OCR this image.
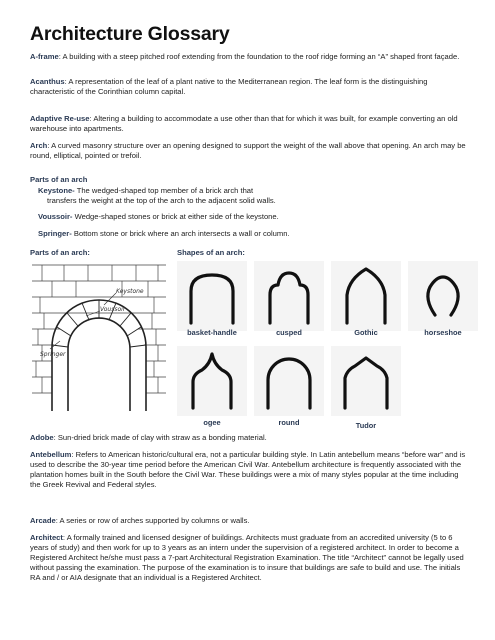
Architecture Glossary
A-frame: A building with a steep pitched roof extending from the foundation to the roof ridge forming an “A” shaped front façade.
Acanthus: A representation of the leaf of a plant native to the Mediterranean region. The leaf form is the distinguishing characteristic of the Corinthian column capital.
Adaptive Re-use: Altering a building to accommodate a use other than that for which it was built, for example converting an old warehouse into apartments.
Arch: A curved masonry structure over an opening designed to support the weight of the wall above that opening. An arch may be round, elliptical, pointed or trefoil.
Parts of an arch
Keystone- The wedged-shaped top member of a brick arch that
transfers the weight at the top of the arch to the adjacent solid walls.
Voussoir- Wedge-shaped stones or brick at either side of the keystone.
Springer- Bottom stone or brick where an arch intersects a wall or column.
Parts of an arch:	Shapes of an arch:
Keystone
Voussoir
Springer
basket-handle	cusped	Gothic	horseshoe
ogee	round	Tudor
Adobe: Sun-dried brick made of clay with straw as a bonding material.
Antebellum: Refers to American historic/cultural era, not a particular building style. In Latin antebellum means “before war” and is used to describe the 30-year time period before the American Civil War. Antebellum architecture is frequently associated with the plantation homes built in the South before the Civil War. These buildings were a mix of many styles popular at the time including the Greek Revival and Federal styles.
Arcade: A series or row of arches supported by columns or walls.
Architect: A formally trained and licensed designer of buildings. Architects must graduate from an accredited university (5 to 6 years of study) and then work for up to 3 years as an intern under the supervision of a registered architect. In order to become a Registered Architect he/she must pass a 7-part Architectural Registration Examination. The title “Architect” cannot be legally used without passing the examination. The purpose of the examination is to insure that buildings are safe to build and use. The initials RA and / or AIA designate that an individual is a Registered Architect.
